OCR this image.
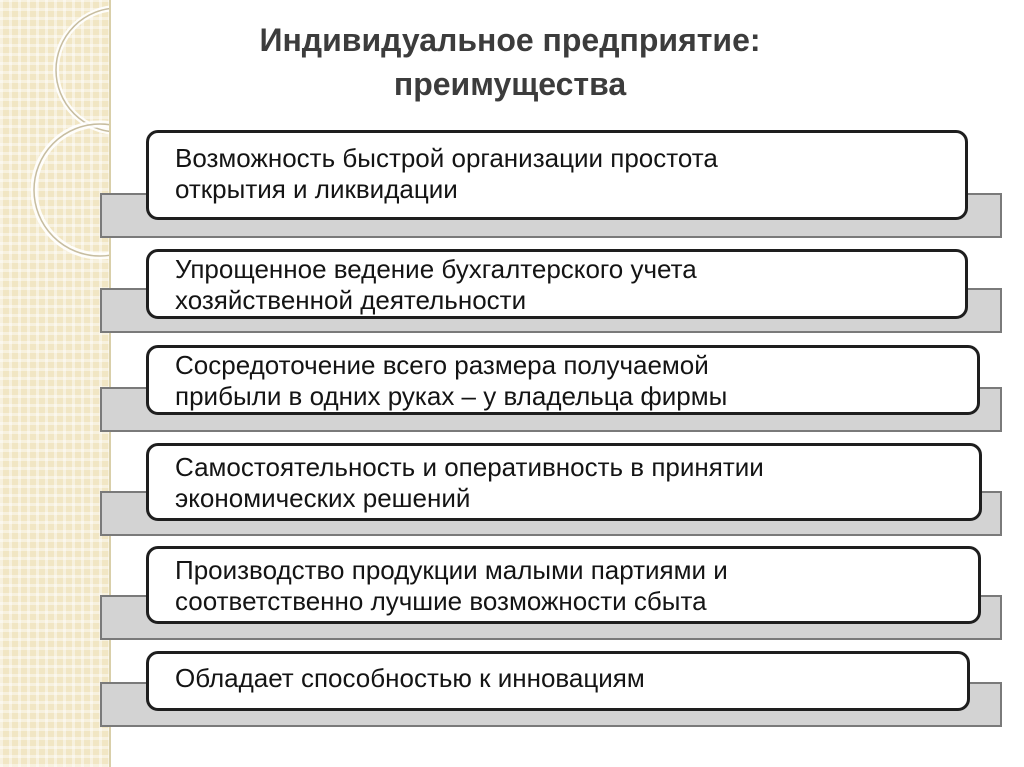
Индивидуальное предприятие:
преимущества
Возможность быстрой организации простота
открытия и ликвидации
Упрощенное ведение бухгалтерского учета
хозяйственной деятельности
Сосредоточение всего размера получаемой
прибыли в одних руках – у владельца фирмы
Самостоятельность и оперативность в принятии
экономических решений
Производство продукции малыми партиями и
соответственно лучшие возможности сбыта
Обладает способностью к инновациям
